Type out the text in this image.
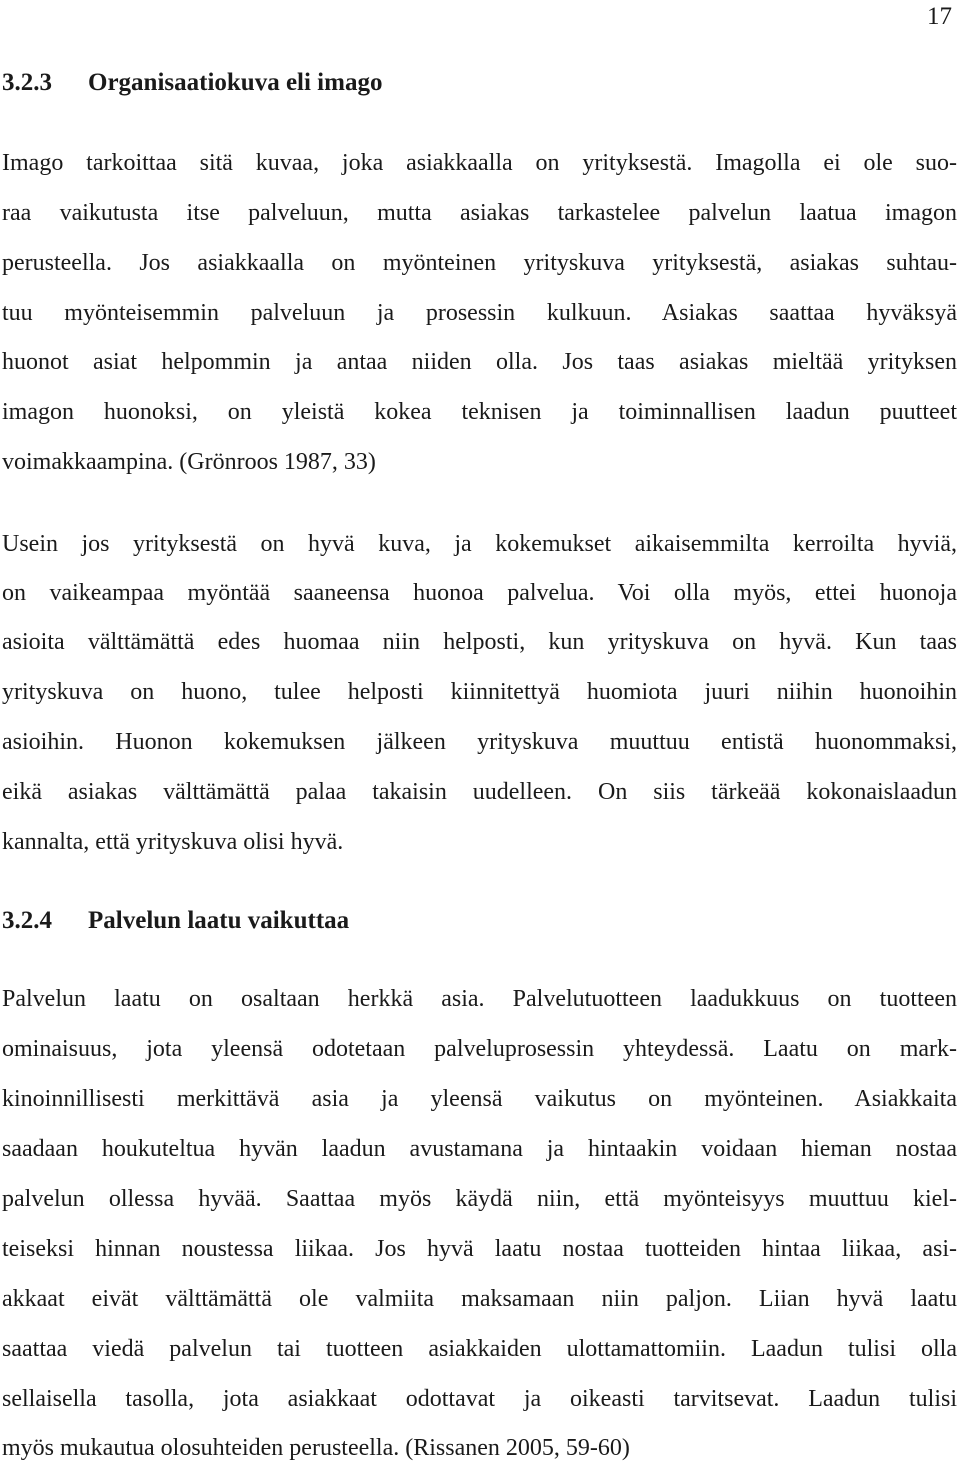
17
3.2.3 Organisaatiokuva eli imago
Imago tarkoittaa sitä kuvaa, joka asiakkaalla on yrityksestä. Imagolla ei ole suo-
raa vaikutusta itse palveluun, mutta asiakas tarkastelee palvelun laatua imagon
perusteella. Jos asiakkaalla on myönteinen yrityskuva yrityksestä, asiakas suhtau-
tuu myönteisemmin palveluun ja prosessin kulkuun. Asiakas saattaa hyväksyä
huonot asiat helpommin ja antaa niiden olla. Jos taas asiakas mieltää yrityksen
imagon huonoksi, on yleistä kokea teknisen ja toiminnallisen laadun puutteet
voimakkaampina. (Grönroos 1987, 33)
Usein jos yrityksestä on hyvä kuva, ja kokemukset aikaisemmilta kerroilta hyviä,
on vaikeampaa myöntää saaneensa huonoa palvelua. Voi olla myös, ettei huonoja
asioita välttämättä edes huomaa niin helposti, kun yrityskuva on hyvä. Kun taas
yrityskuva on huono, tulee helposti kiinnitettyä huomiota juuri niihin huonoihin
asioihin. Huonon kokemuksen jälkeen yrityskuva muuttuu entistä huonommaksi,
eikä asiakas välttämättä palaa takaisin uudelleen. On siis tärkeää kokonaislaadun
kannalta, että yrityskuva olisi hyvä.
3.2.4 Palvelun laatu vaikuttaa
Palvelun laatu on osaltaan herkkä asia. Palvelutuotteen laadukkuus on tuotteen
ominaisuus, jota yleensä odotetaan palveluprosessin yhteydessä. Laatu on mark-
kinoinnillisesti merkittävä asia ja yleensä vaikutus on myönteinen. Asiakkaita
saadaan houkuteltua hyvän laadun avustamana ja hintaakin voidaan hieman nostaa
palvelun ollessa hyvää. Saattaa myös käydä niin, että myönteisyys muuttuu kiel-
teiseksi hinnan noustessa liikaa. Jos hyvä laatu nostaa tuotteiden hintaa liikaa, asi-
akkaat eivät välttämättä ole valmiita maksamaan niin paljon. Liian hyvä laatu
saattaa viedä palvelun tai tuotteen asiakkaiden ulottamattomiin. Laadun tulisi olla
sellaisella tasolla, jota asiakkaat odottavat ja oikeasti tarvitsevat. Laadun tulisi
myös mukautua olosuhteiden perusteella. (Rissanen 2005, 59-60)
